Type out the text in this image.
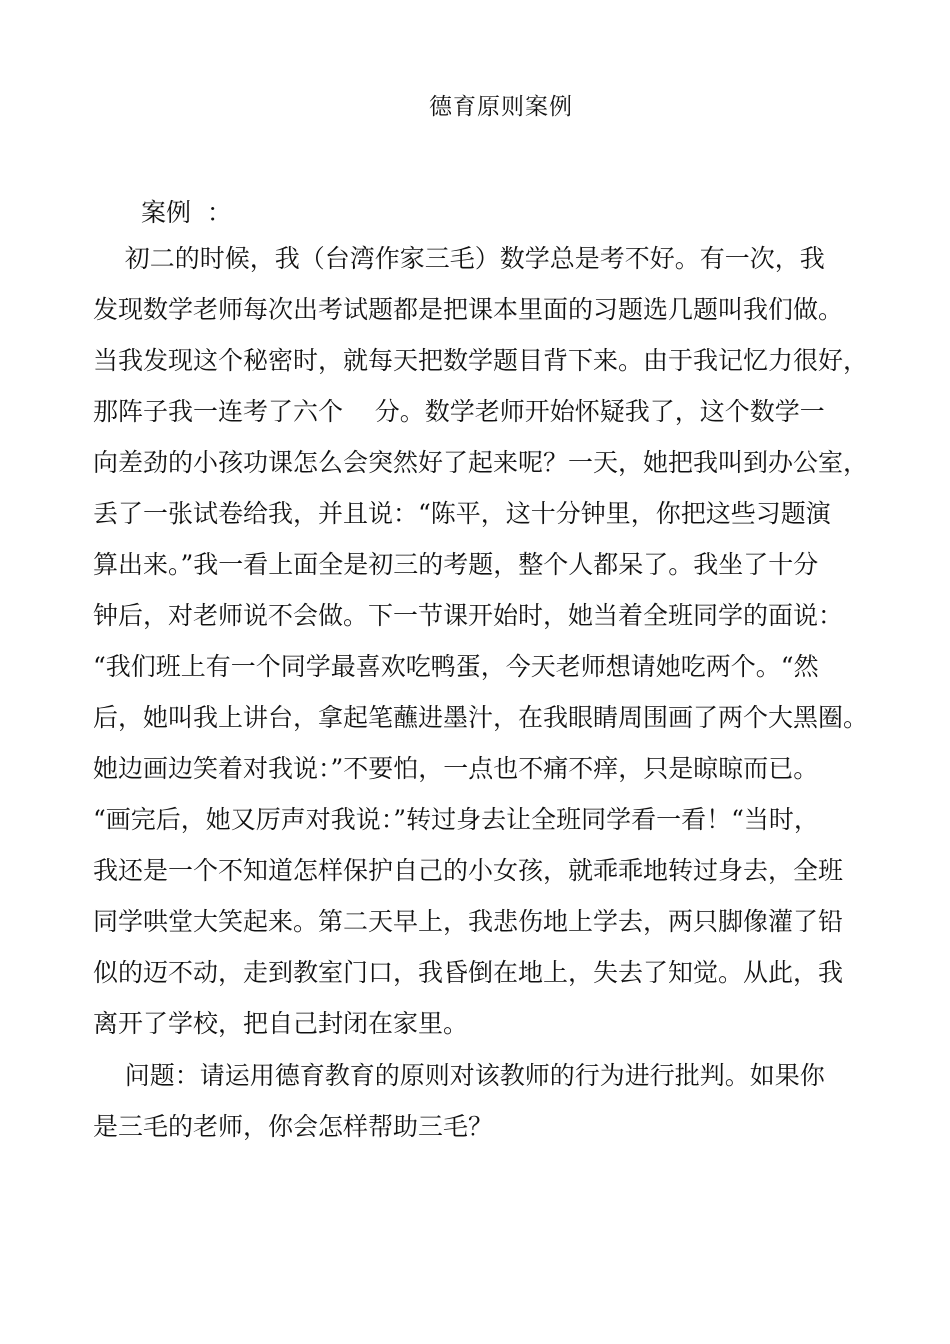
德育原则案例
案例  ：
初二的时候，我（台湾作家三毛）数学总是考不好。有一次，我
发现数学老师每次出考试题都是把课本里面的习题选几题叫我们做。
当我发现这个秘密时，就每天把数学题目背下来。由于我记忆力很好，
那阵子我一连考了六个    分。数学老师开始怀疑我了，这个数学一
向差劲的小孩功课怎么会突然好了起来呢？一天，她把我叫到办公室，
丢了一张试卷给我，并且说：“陈平，这十分钟里，你把这些习题演
算出来。”我一看上面全是初三的考题，整个人都呆了。我坐了十分
钟后，对老师说不会做。下一节课开始时，她当着全班同学的面说：
“我们班上有一个同学最喜欢吃鸭蛋，今天老师想请她吃两个。“然
后，她叫我上讲台，拿起笔蘸进墨汁，在我眼睛周围画了两个大黑圈。
她边画边笑着对我说：”不要怕，一点也不痛不痒，只是晾晾而已。
“画完后，她又厉声对我说：”转过身去让全班同学看一看！“当时，
我还是一个不知道怎样保护自己的小女孩，就乖乖地转过身去，全班
同学哄堂大笑起来。第二天早上，我悲伤地上学去，两只脚像灌了铅
似的迈不动，走到教室门口，我昏倒在地上，失去了知觉。从此，我
离开了学校，把自己封闭在家里。
问题：请运用德育教育的原则对该教师的行为进行批判。如果你
是三毛的老师，你会怎样帮助三毛？
